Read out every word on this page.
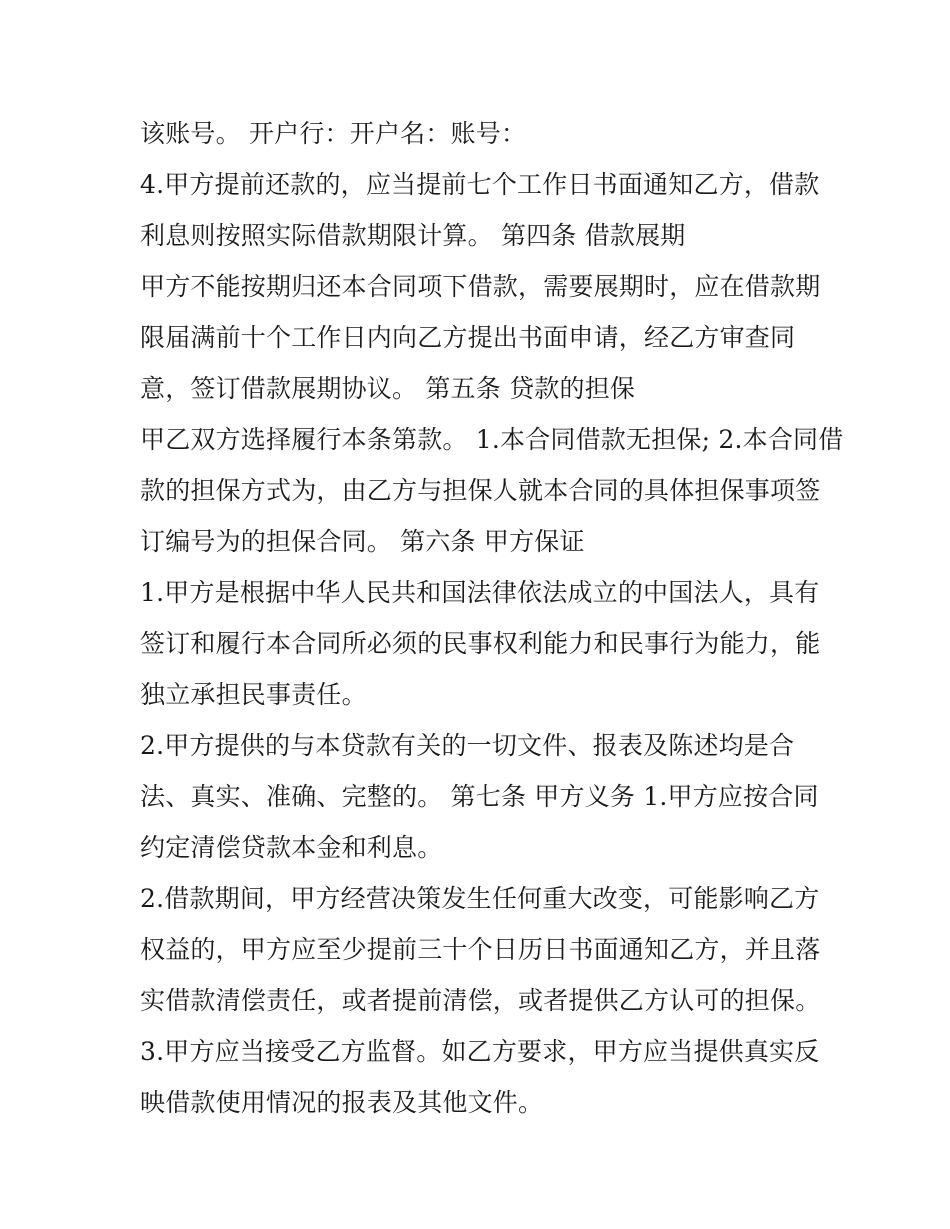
该账号。 开户行：开户名：账号：
4.甲方提前还款的，应当提前七个工作日书面通知乙方，借款
利息则按照实际借款期限计算。 第四条 借款展期
甲方不能按期归还本合同项下借款，需要展期时，应在借款期
限届满前十个工作日内向乙方提出书面申请，经乙方审查同
意，签订借款展期协议。 第五条 贷款的担保
甲乙双方选择履行本条第款。 1.本合同借款无担保; 2.本合同借
款的担保方式为，由乙方与担保人就本合同的具体担保事项签
订编号为的担保合同。 第六条 甲方保证
1.甲方是根据中华人民共和国法律依法成立的中国法人，具有
签订和履行本合同所必须的民事权利能力和民事行为能力，能
独立承担民事责任。
2.甲方提供的与本贷款有关的一切文件、报表及陈述均是合
法、真实、准确、完整的。 第七条 甲方义务 1.甲方应按合同
约定清偿贷款本金和利息。
2.借款期间，甲方经营决策发生任何重大改变，可能影响乙方
权益的，甲方应至少提前三十个日历日书面通知乙方，并且落
实借款清偿责任，或者提前清偿，或者提供乙方认可的担保。
3.甲方应当接受乙方监督。如乙方要求，甲方应当提供真实反
映借款使用情况的报表及其他文件。
